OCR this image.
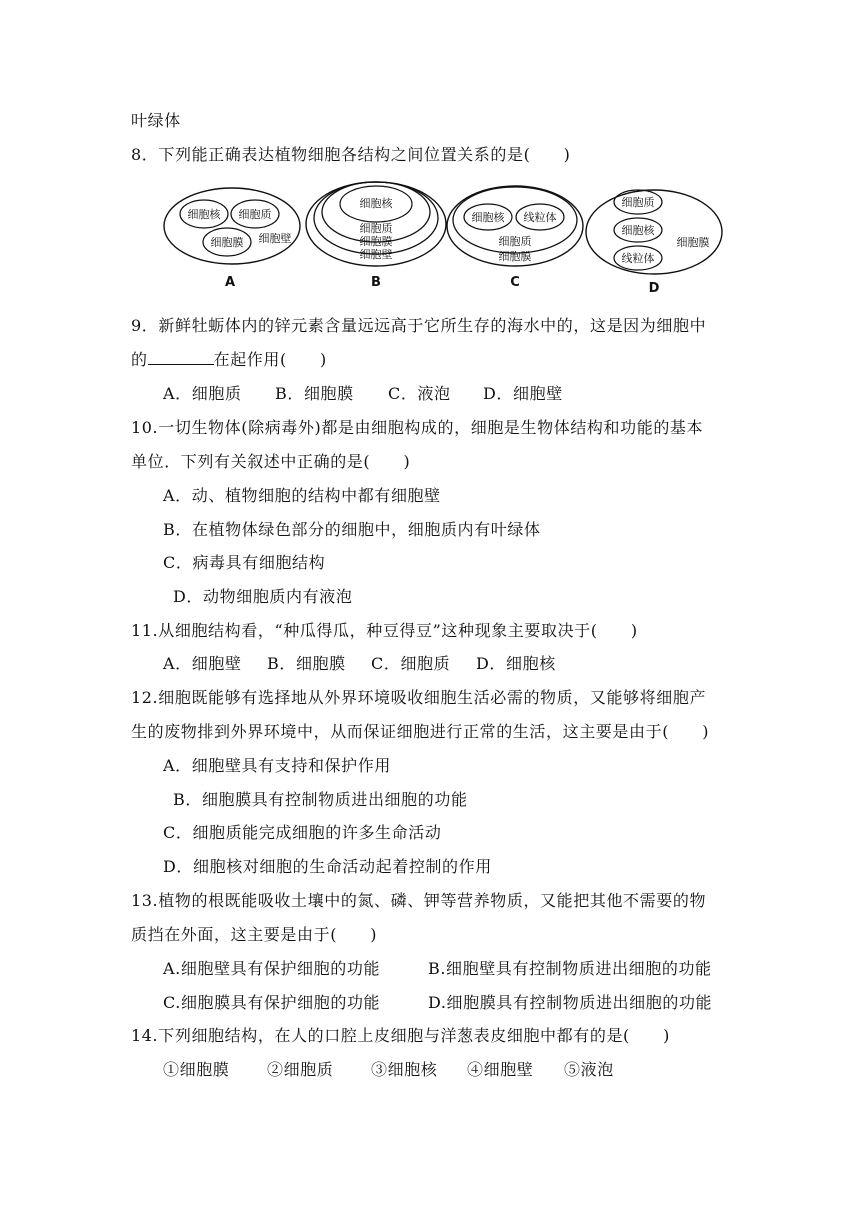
叶绿体
8．下列能正确表达植物细胞各结构之间位置关系的是(　　)
细胞核 细胞质
细胞膜 细胞壁
A
细胞核
细胞质
细胞膜
细胞壁
B
细胞核 线粒体
细胞质
细胞膜
C
细胞质
细胞核
线粒体
细胞膜
D
9．新鲜牡蛎体内的锌元素含量远远高于它所生存的海水中的，这是因为细胞中
的	在起作用(　　)
A．细胞质 B．细胞膜 C．液泡 D．细胞壁
10.一切生物体(除病毒外)都是由细胞构成的，细胞是生物体结构和功能的基本
单位．下列有关叙述中正确的是(　　)
A．动、植物细胞的结构中都有细胞壁
B．在植物体绿色部分的细胞中，细胞质内有叶绿体
C．病毒具有细胞结构
D．动物细胞质内有液泡
11.从细胞结构看，“种瓜得瓜，种豆得豆”这种现象主要取决于(　　)
A．细胞壁 B．细胞膜 C．细胞质 D．细胞核
12.细胞既能够有选择地从外界环境吸收细胞生活必需的物质，又能够将细胞产
生的废物排到外界环境中，从而保证细胞进行正常的生活，这主要是由于(　　)
A．细胞壁具有支持和保护作用
B．细胞膜具有控制物质进出细胞的功能
C．细胞质能完成细胞的许多生命活动
D．细胞核对细胞的生命活动起着控制的作用
13.植物的根既能吸收土壤中的氮、磷、钾等营养物质，又能把其他不需要的物
质挡在外面，这主要是由于(　　)
A.细胞壁具有保护细胞的功能	B.细胞壁具有控制物质进出细胞的功能
C.细胞膜具有保护细胞的功能	D.细胞膜具有控制物质进出细胞的功能
14.下列细胞结构，在人的口腔上皮细胞与洋葱表皮细胞中都有的是(　　)
①细胞膜 ②细胞质 ③细胞核 ④细胞壁 ⑤液泡
